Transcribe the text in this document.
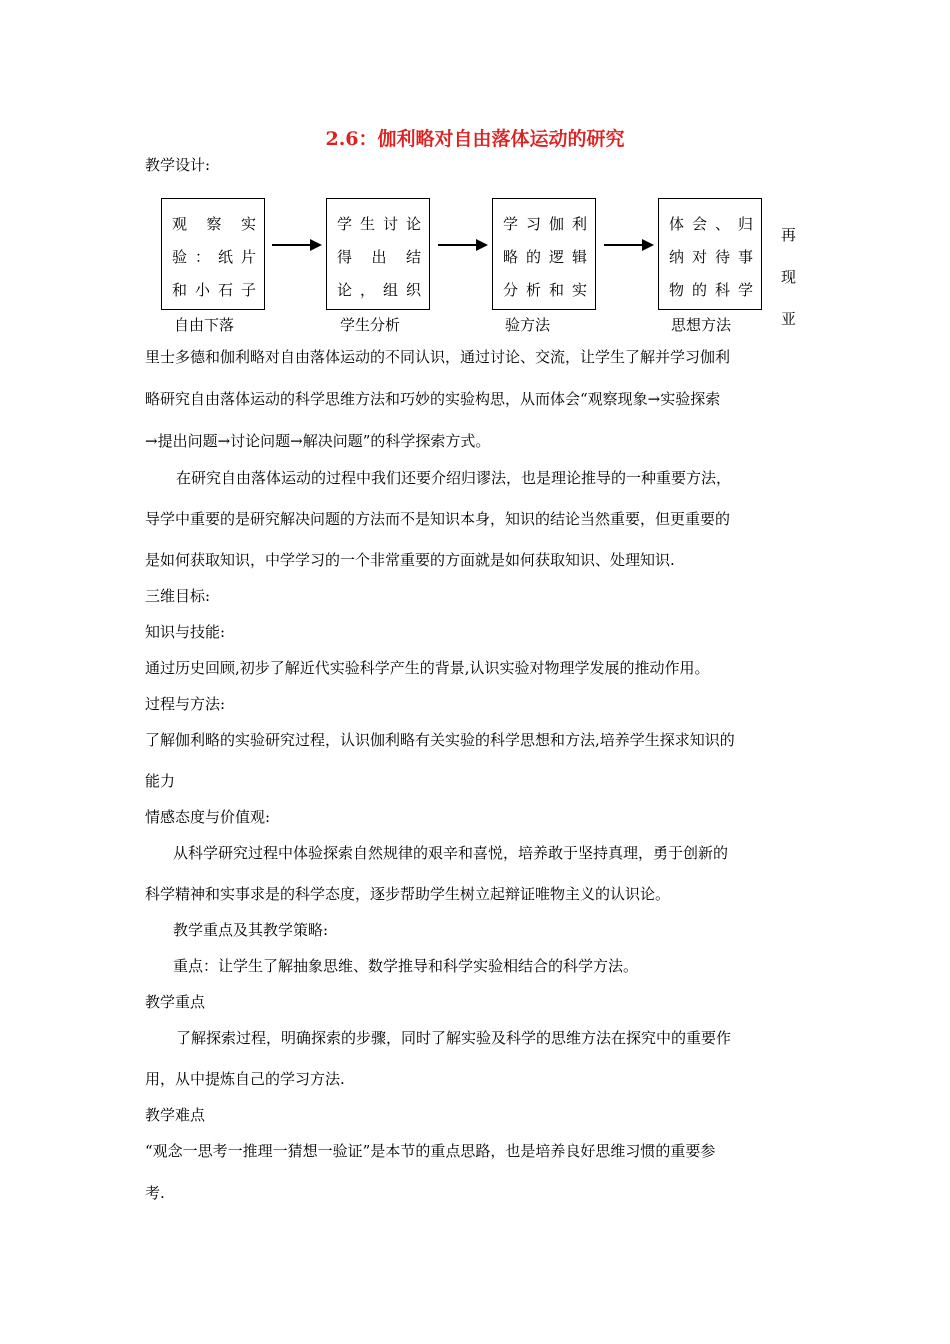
2.6：伽利略对自由落体运动的研究
教学设计:
观 察 实
验：纸片
和小石子
学生讨论
得 出 结
论，组织
学习伽利
略的逻辑
分析和实
体会、归
纳对待事
物的科学
自由下落	学生分析	验方法	思想方法
再
现
亚
里士多德和伽利略对自由落体运动的不同认识，通过讨论、交流，让学生了解并学习伽利
略研究自由落体运动的科学思维方法和巧妙的实验构思，从而体会“观察现象→实验探索
→提出问题→讨论问题→解决问题”的科学探索方式。
在研究自由落体运动的过程中我们还要介绍归谬法，也是理论推导的一种重要方法，
导学中重要的是研究解决问题的方法而不是知识本身，知识的结论当然重要，但更重要的
是如何获取知识，中学学习的一个非常重要的方面就是如何获取知识、处理知识.
三维目标:
知识与技能:
通过历史回顾,初步了解近代实验科学产生的背景,认识实验对物理学发展的推动作用。
过程与方法:
了解伽利略的实验研究过程，认识伽利略有关实验的科学思想和方法,培养学生探求知识的
能力
情感态度与价值观:
从科学研究过程中体验探索自然规律的艰辛和喜悦，培养敢于坚持真理，勇于创新的
科学精神和实事求是的科学态度，逐步帮助学生树立起辩证唯物主义的认识论。
教学重点及其教学策略:
重点：让学生了解抽象思维、数学推导和科学实验相结合的科学方法。
教学重点
了解探索过程，明确探索的步骤，同时了解实验及科学的思维方法在探究中的重要作
用，从中提炼自己的学习方法.
教学难点
“观念一思考一推理一猜想一验证”是本节的重点思路，也是培养良好思维习惯的重要参
考.
